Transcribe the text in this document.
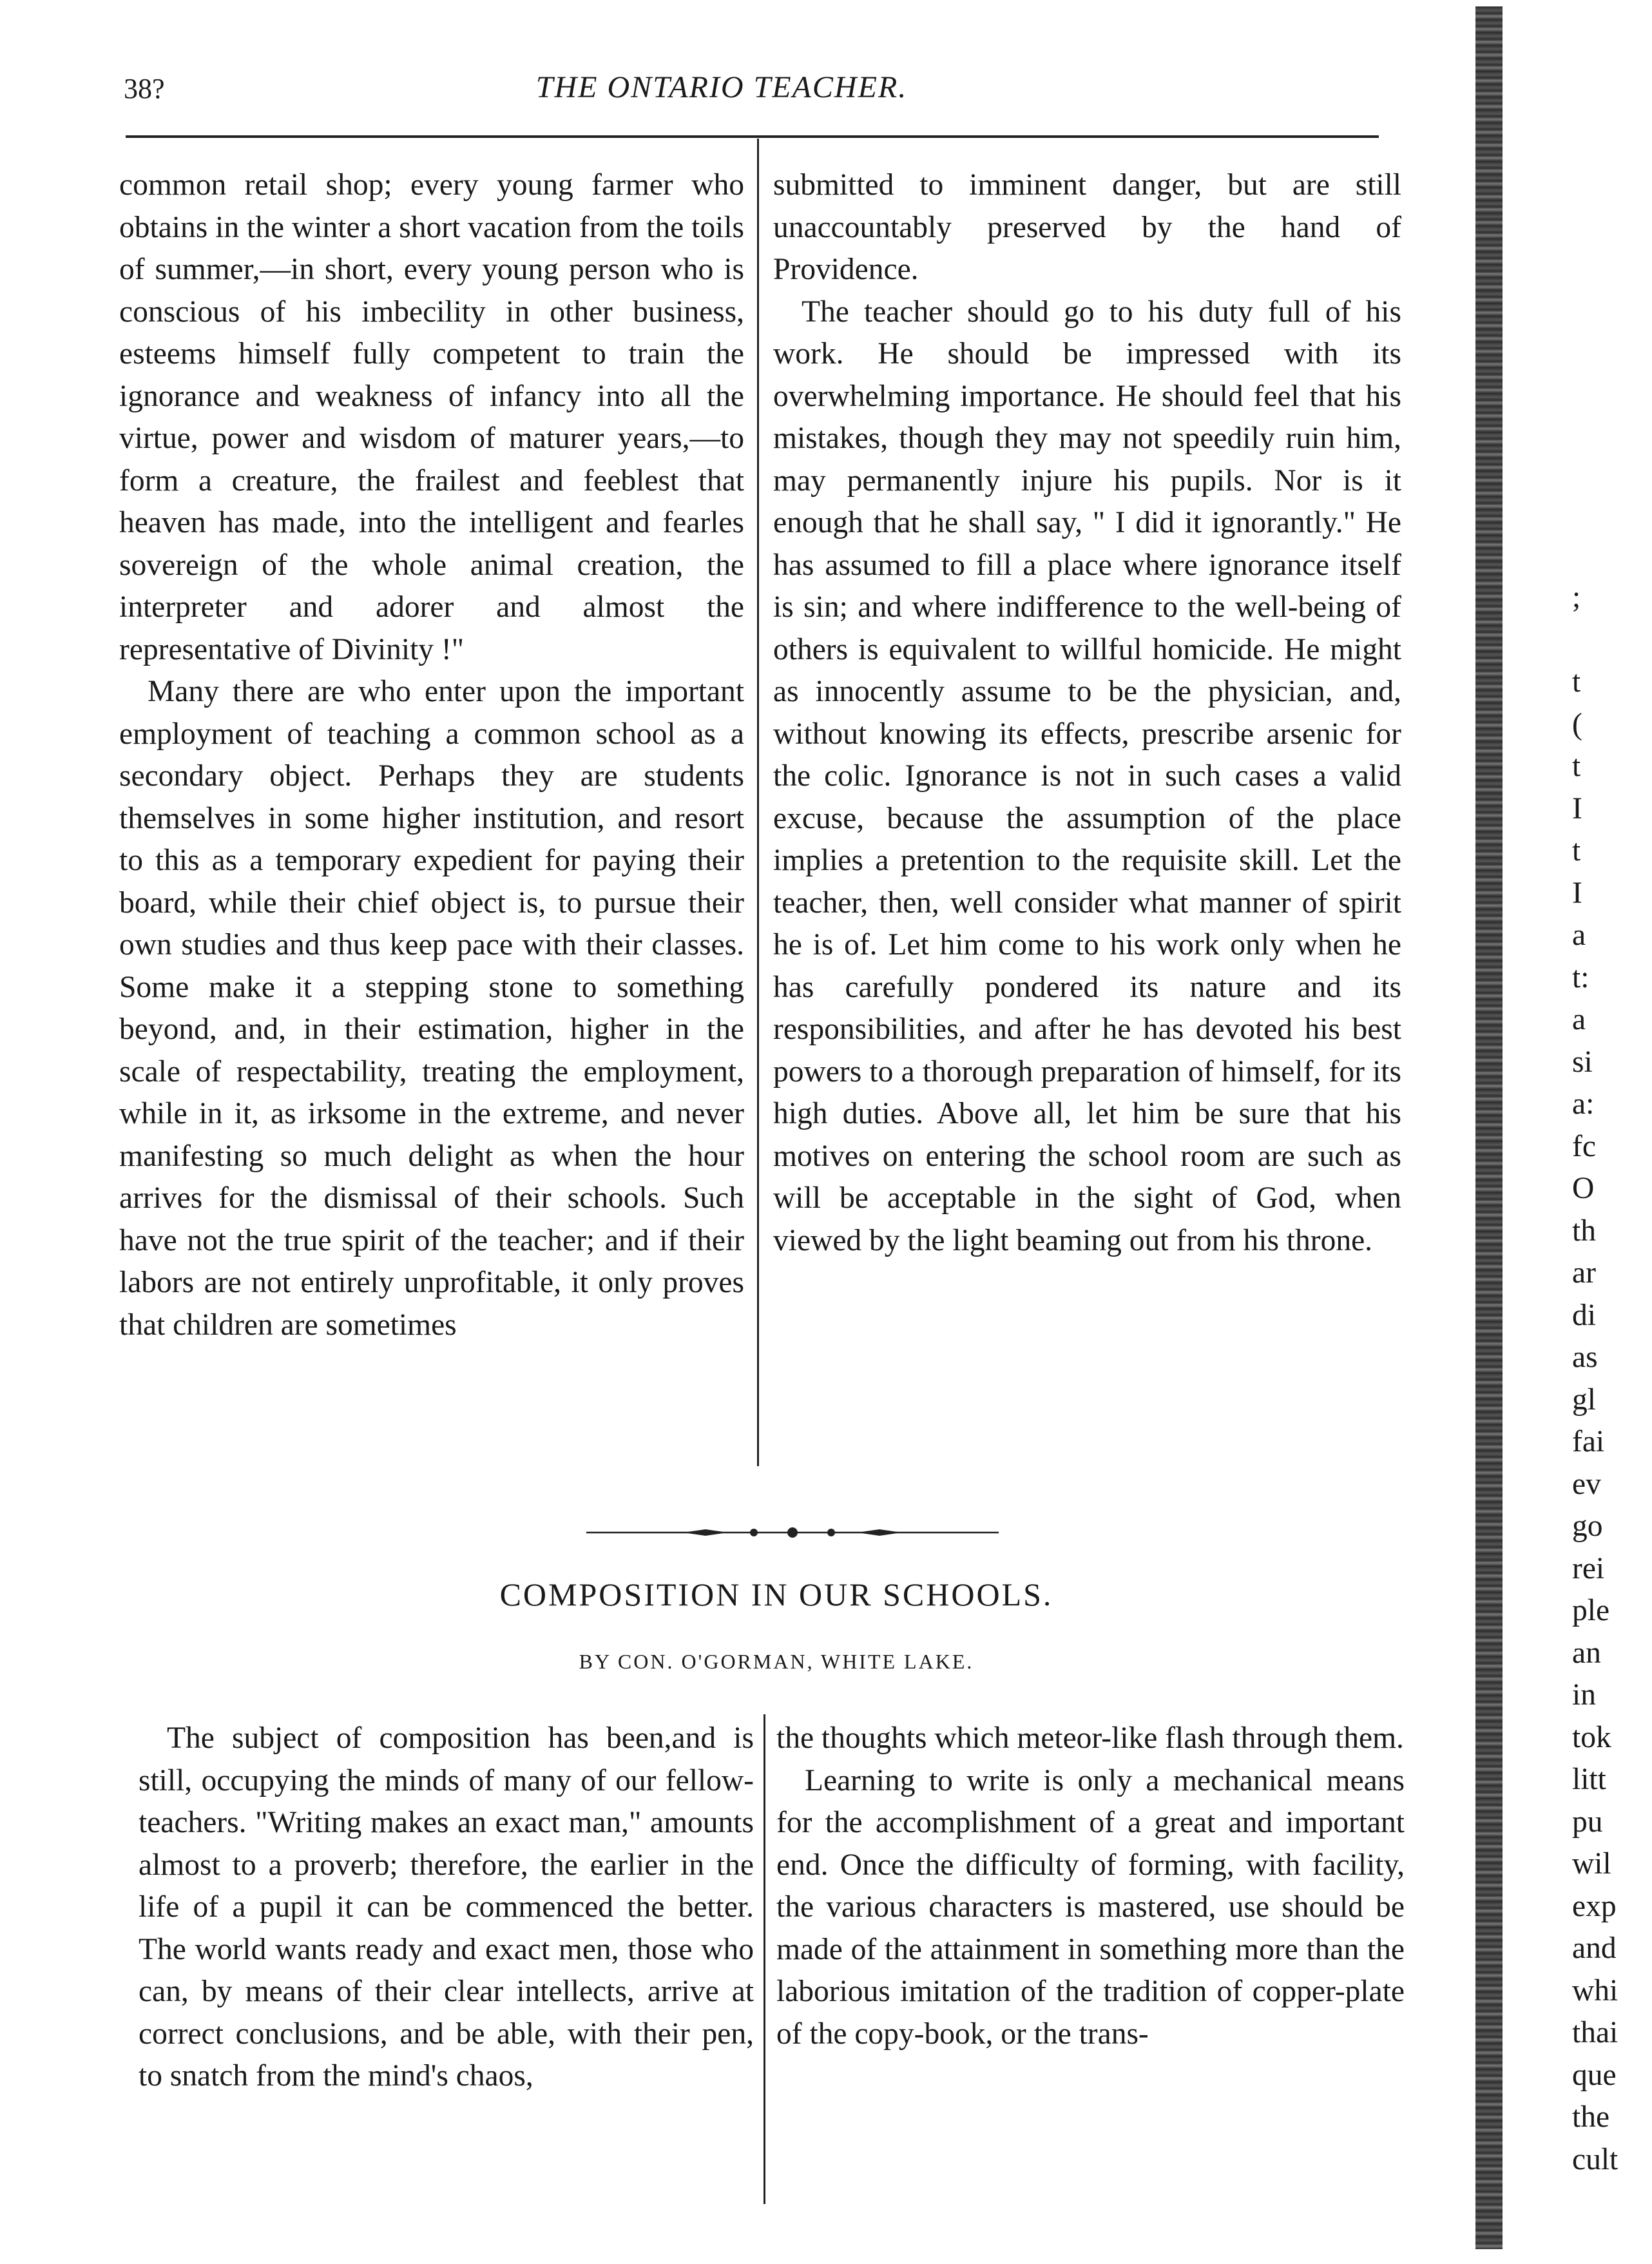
38?	THE ONTARIO TEACHER.

common retail shop; every young farmer who obtains in the winter a short vacation from the toils of summer,—in short, every young person who is conscious of his imbecility in other business, esteems himself fully competent to train the ignorance and weakness of infancy into all the virtue, power and wisdom of maturer years,—to form a creature, the frailest and feeblest that heaven has made, into the intelligent and fearles sovereign of the whole animal creation, the interpreter and adorer and almost the representative of Divinity !"

Many there are who enter upon the important employment of teaching a common school as a secondary object. Perhaps they are students themselves in some higher institution, and resort to this as a temporary expedient for paying their board, while their chief object is, to pursue their own studies and thus keep pace with their classes. Some make it a stepping stone to something beyond, and, in their estimation, higher in the scale of respectability, treating the employment, while in it, as irksome in the extreme, and never manifesting so much delight as when the hour arrives for the dismissal of their schools. Such have not the true spirit of the teacher; and if their labors are not entirely unprofitable, it only proves that children are sometimes

submitted to imminent danger, but are still unaccountably preserved by the hand of Providence.

The teacher should go to his duty full of his work. He should be impressed with its overwhelming importance. He should feel that his mistakes, though they may not speedily ruin him, may permanently injure his pupils. Nor is it enough that he shall say, " I did it ignorantly." He has assumed to fill a place where ignorance itself is sin; and where indifference to the well-being of others is equivalent to willful homicide. He might as innocently assume to be the physician, and, without knowing its effects, prescribe arsenic for the colic. Ignorance is not in such cases a valid excuse, because the assumption of the place implies a pretention to the requisite skill. Let the teacher, then, well consider what manner of spirit he is of. Let him come to his work only when he has carefully pondered its nature and its responsibilities, and after he has devoted his best powers to a thorough preparation of himself, for its high duties. Above all, let him be sure that his motives on entering the school room are such as will be acceptable in the sight of God, when viewed by the light beaming out from his throne.

COMPOSITION IN OUR SCHOOLS.
BY CON. O'GORMAN, WHITE LAKE.

The subject of composition has been,and is still, occupying the minds of many of our fellow-teachers. "Writing makes an exact man," amounts almost to a proverb; therefore, the earlier in the life of a pupil it can be commenced the better. The world wants ready and exact men, those who can, by means of their clear intellects, arrive at correct conclusions, and be able, with their pen, to snatch from the mind's chaos,

the thoughts which meteor-like flash through them.

Learning to write is only a mechanical means for the accomplishment of a great and important end. Once the difficulty of forming, with facility, the various characters is mastered, use should be made of the attainment in something more than the laborious imitation of the tradition of copper-plate of the copy-book, or the trans-

;
t
(
t
I
t
I
a
t:
a
si
a:
fc
O
th
ar
di
as
gl
fai
ev
go
rei
ple
an
in
tok
litt
pu
wil
exp
and
whi
thai
que
the
cult
